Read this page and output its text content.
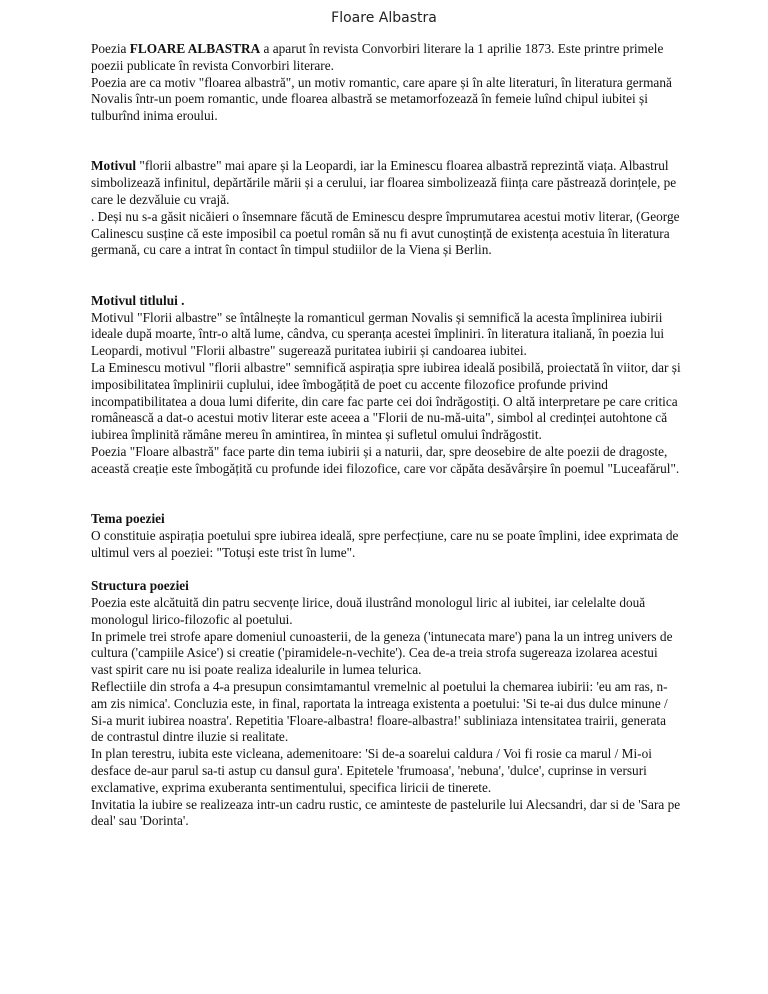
Floare Albastra

Poezia FLOARE ALBASTRA a aparut în revista Convorbiri literare la 1 aprilie 1873. Este printre primele poezii publicate în revista Convorbiri literare.

Poezia are ca motiv "floarea albastră", un motiv romantic, care apare și în alte literaturi, în literatura germană Novalis într-un poem romantic, unde floarea albastră se metamorfozează în femeie luînd chipul iubitei și tulburînd inima eroului.

Motivul "florii albastre" mai apare și la Leopardi, iar la Eminescu floarea albastră reprezintă viața. Albastrul simbolizează infinitul, depărtările mării și a cerului, iar floarea simbolizează ființa care păstrează dorințele, pe care le dezvăluie cu vrajă.

. Deși nu s-a găsit nicăieri o însemnare făcută de Eminescu despre împrumutarea acestui motiv literar, (George Calinescu susține că este imposibil ca poetul român să nu fi avut cunoștință de existența acestuia în literatura germană, cu care a intrat în contact în timpul studiilor de la Viena și Berlin.

Motivul titlului .

Motivul "Florii albastre" se întâlnește la romanticul german Novalis și semnifică la acesta împlinirea iubirii ideale după moarte, într-o altă lume, cândva, cu speranța acestei împliniri. în literatura italiană, în poezia lui Leopardi, motivul "Florii albastre" sugerează puritatea iubirii și candoarea iubitei.

La Eminescu motivul "florii albastre" semnifică aspirația spre iubirea ideală posibilă, proiectată în viitor, dar și imposibilitatea împlinirii cuplului, idee îmbogățită de poet cu accente filozofice profunde privind incompatibilitatea a doua lumi diferite, din care fac parte cei doi îndrăgostiți. O altă interpretare pe care critica românească a dat-o acestui motiv literar este aceea a "Florii de nu-mă-uita", simbol al credinței autohtone că iubirea împlinită rămâne mereu în amintirea, în mintea și sufletul omului îndrăgostit.

Poezia "Floare albastră" face parte din tema iubirii și a naturii, dar, spre deosebire de alte poezii de dragoste, această creație este îmbogățită cu profunde idei filozofice, care vor căpăta desăvârșire în poemul "Luceafărul".

Tema poeziei

O constituie aspirația poetului spre iubirea ideală, spre perfecțiune, care nu se poate împlini, idee exprimata de ultimul vers al poeziei: "Totuși este trist în lume".

Structura poeziei

Poezia este alcătuită din patru secvențe lirice, două ilustrând monologul liric al iubitei, iar celelalte două monologul lirico-filozofic al poetului.

In primele trei strofe apare domeniul cunoasterii, de la geneza ('intunecata mare') pana la un intreg univers de cultura ('campiile Asice') si creatie ('piramidele-n-vechite'). Cea de-a treia strofa sugereaza izolarea acestui vast spirit care nu isi poate realiza idealurile in lumea telurica.

Reflectiile din strofa a 4-a presupun consimtamantul vremelnic al poetului la chemarea iubirii: 'eu am ras, n-am zis nimica'. Concluzia este, in final, raportata la intreaga existenta a poetului: 'Si te-ai dus dulce minune / Si-a murit iubirea noastra'. Repetitia 'Floare-albastra! floare-albastra!' subliniaza intensitatea trairii, generata de contrastul dintre iluzie si realitate.

In plan terestru, iubita este vicleana, ademenitoare: 'Si de-a soarelui caldura / Voi fi rosie ca marul / Mi-oi desface de-aur parul sa-ti astup cu dansul gura'. Epitetele 'frumoasa', 'nebuna', 'dulce', cuprinse in versuri exclamative, exprima exuberanta sentimentului, specifica liricii de tinerete.

Invitatia la iubire se realizeaza intr-un cadru rustic, ce aminteste de pastelurile lui Alecsandri, dar si de 'Sara pe deal' sau 'Dorinta'.
